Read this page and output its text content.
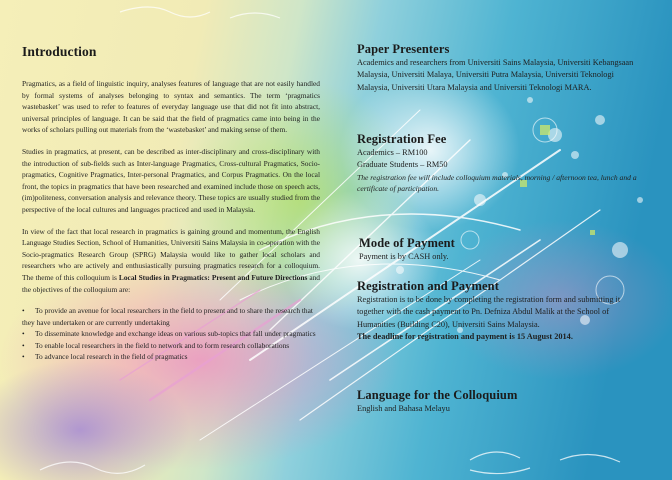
Introduction

Pragmatics, as a field of linguistic inquiry, analyses features of language that are not easily handled by formal systems of analyses belonging to syntax and semantics. The term ‘pragmatics wastebasket’ was used to refer to features of everyday language use that did not fit into abstract, universal principles of language. It can be said that the field of pragmatics came into being in the works of scholars pulling out materials from the ‘wastebasket’ and making sense of them.

Studies in pragmatics, at present, can be described as inter-disciplinary and cross-disciplinary with the introduction of sub-fields such as Inter-language Pragmatics, Cross-cultural Pragmatics, Socio-pragmatics, Cognitive Pragmatics, Inter-personal Pragmatics, and Corpus Pragmatics. On the local front, the topics in pragmatics that have been researched and examined include those on speech acts, (im)politeness, conversation analysis and relevance theory. These topics are usually studied from the perspective of the local cultures and languages practiced and used in Malaysia.

In view of the fact that local research in pragmatics is gaining ground and momentum, the English Language Studies Section, School of Humanities, Universiti Sains Malaysia in co-operation with the Socio-pragmatics Research Group (SPRG) Malaysia would like to gather local scholars and researchers who are actively and enthusiastically pursuing pragmatics research for a colloquium. The theme of this colloquium is Local Studies in Pragmatics: Present and Future Directions and the objectives of the colloquium are:

• To provide an avenue for local researchers in the field to present and to share the research that they have undertaken or are currently undertaking
• To disseminate knowledge and exchange ideas on various sub-topics that fall under pragmatics
• To enable local researchers in the field to network and to form research collaborations
• To advance local research in the field of pragmatics
Paper Presenters
Academics and researchers from Universiti Sains Malaysia, Universiti Kebangsaan Malaysia, Universiti Malaya, Universiti Putra Malaysia, Universiti Teknologi Malaysia, Universiti Utara Malaysia and Universiti Teknologi MARA.
Registration Fee
Academics – RM100
Graduate Students – RM50
The registration fee will include colloquium materials, morning / afternoon tea, lunch and a certificate of participation.
Mode of Payment
Payment is by CASH only.
Registration and Payment
Registration is to be done by completing the registration form and submitting it together with the cash payment to Pn. Defniza Abdul Malik at the School of Humanities (Building C20), Universiti Sains Malaysia.
The deadline for registration and payment is 15 August 2014.
Language for the Colloquium
English and Bahasa Melayu
